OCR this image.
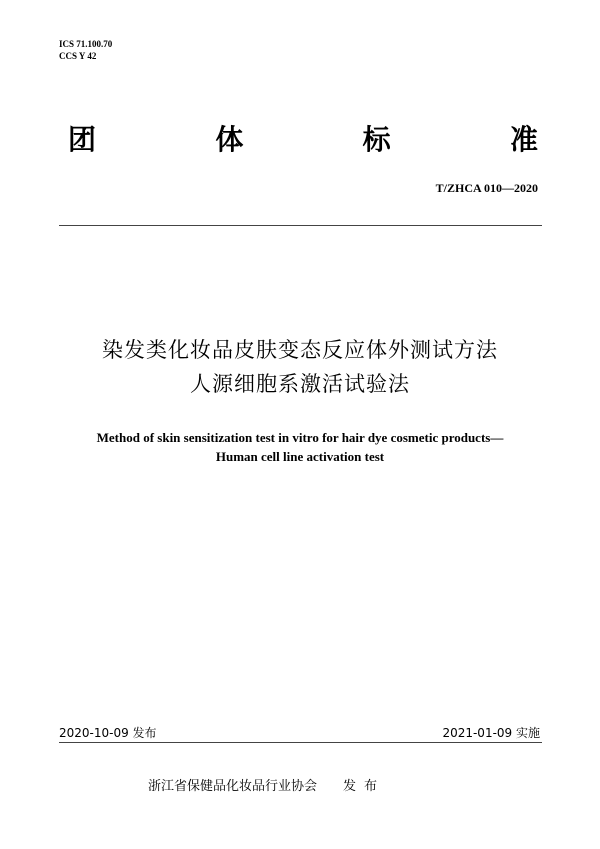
ICS 71.100.70
CCS Y 42
团	体	标	准
T/ZHCA 010—2020
染发类化妆品皮肤变态反应体外测试方法
人源细胞系激活试验法
Method of skin sensitization test in vitro for hair dye cosmetic products—
Human cell line activation test
2020-10-09 发布	2021-01-09 实施
浙江省保健品化妆品行业协会 发布
